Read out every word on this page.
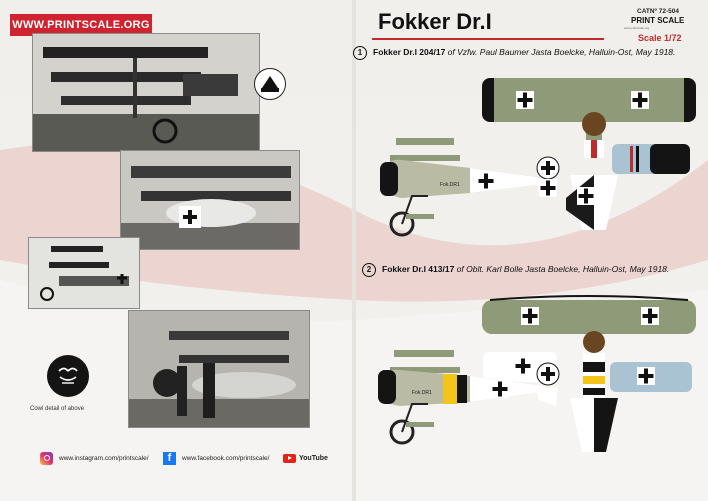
WWW.PRINTSCALE.ORG
Cowl detail of above
www.instagram.com/printscale/	f	www.facebook.com/printscale/	YouTube
Fokker Dr.I	CATNº 72-504
PRINT SCALE
www.printscale.org
Scale 1/72
1 Fokker Dr.I 204/17 of Vzfw. Paul Baumer Jasta Boelcke, Halluin-Ost, May 1918.
2 Fokker Dr.I 413/17 of Oblt. Karl Bolle Jasta Boelcke, Halluin-Ost, May 1918.
Fok.DR1
Fok.DR1
